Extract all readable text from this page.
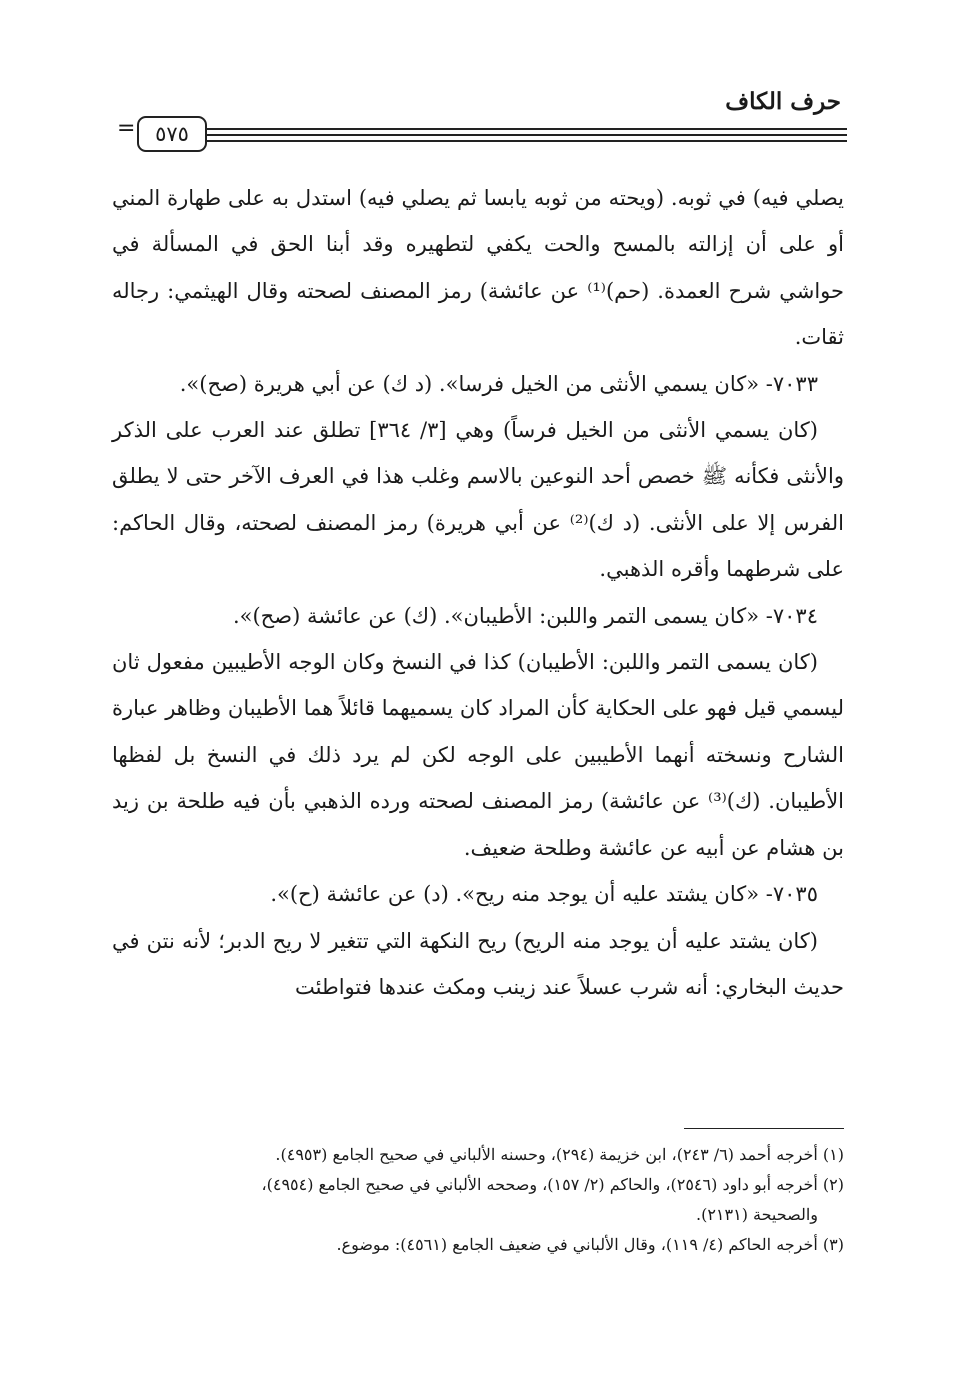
حرف الكاف
= ٥٧٥

يصلي فيه) في ثوبه. (ويحته من ثوبه يابسا ثم يصلي فيه) استدل به على طهارة المني أو على أن إزالته بالمسح والحت يكفي لتطهيره وقد أبنا الحق في المسألة في حواشي شرح العمدة. (حم)⁽¹⁾ عن عائشة) رمز المصنف لصحته وقال الهيثمي: رجاله ثقات.

٧٠٣٣- «كان يسمي الأنثى من الخيل فرسا». (د ك) عن أبي هريرة (صح)».

(كان يسمي الأنثى من الخيل فرساً) وهي [٣/ ٣٦٤] تطلق عند العرب على الذكر والأنثى فكأنه ﷺ خصص أحد النوعين بالاسم وغلب هذا في العرف الآخر حتى لا يطلق الفرس إلا على الأنثى. (د ك)⁽²⁾ عن أبي هريرة) رمز المصنف لصحته، وقال الحاكم: على شرطهما وأقره الذهبي.

٧٠٣٤- «كان يسمى التمر واللبن: الأطيبان». (ك) عن عائشة (صح)».

(كان يسمى التمر واللبن: الأطيبان) كذا في النسخ وكان الوجه الأطيبين مفعول ثان ليسمي قيل فهو على الحكاية كأن المراد كان يسميهما قائلاً هما الأطيبان وظاهر عبارة الشارح ونسخته أنهما الأطيبين على الوجه لكن لم يرد ذلك في النسخ بل لفظها الأطيبان. (ك)⁽³⁾ عن عائشة) رمز المصنف لصحته ورده الذهبي بأن فيه طلحة بن زيد بن هشام عن أبيه عن عائشة وطلحة ضعيف.

٧٠٣٥- «كان يشتد عليه أن يوجد منه ريح». (د) عن عائشة (ح)».

(كان يشتد عليه أن يوجد منه الريح) ريح النكهة التي تتغير لا ريح الدبر؛ لأنه نتن في حديث البخاري: أنه شرب عسلاً عند زينب ومكث عندها فتواطئت

(١) أخرجه أحمد (٦/ ٢٤٣)، ابن خزيمة (٢٩٤)، وحسنه الألباني في صحيح الجامع (٤٩٥٣).

(٢) أخرجه أبو داود (٢٥٤٦)، والحاكم (٢/ ١٥٧)، وصححه الألباني في صحيح الجامع (٤٩٥٤)،

والصحيحة (٢١٣١).

(٣) أخرجه الحاكم (٤/ ١١٩)، وقال الألباني في ضعيف الجامع (٤٥٦١): موضوع.
